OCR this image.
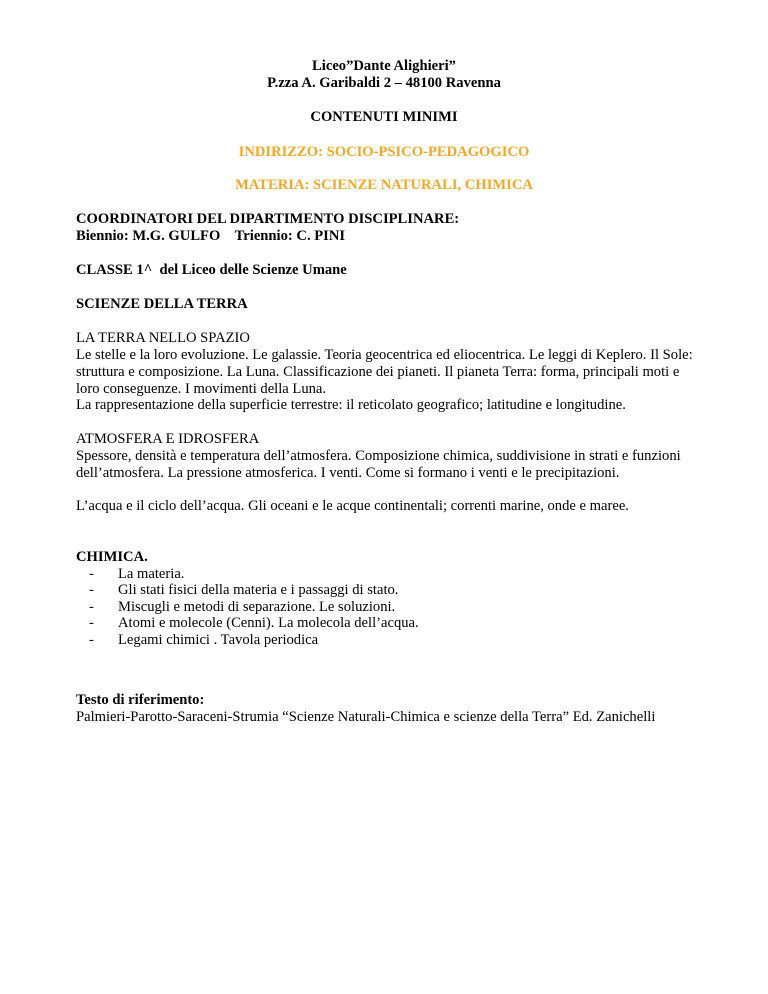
Liceo”Dante Alighieri”
P.zza A. Garibaldi 2 – 48100 Ravenna
CONTENUTI MINIMI
INDIRIZZO: SOCIO-PSICO-PEDAGOGICO
MATERIA: SCIENZE NATURALI, CHIMICA
COORDINATORI DEL DIPARTIMENTO DISCIPLINARE:
Biennio: M.G. GULFO    Triennio: C. PINI
CLASSE 1^  del Liceo delle Scienze Umane
SCIENZE DELLA TERRA
LA TERRA NELLO SPAZIO
Le stelle e la loro evoluzione. Le galassie. Teoria geocentrica ed eliocentrica. Le leggi di Keplero. Il Sole: struttura e composizione. La Luna. Classificazione dei pianeti. Il pianeta Terra: forma, principali moti e loro conseguenze. I movimenti della Luna.
La rappresentazione della superficie terrestre: il reticolato geografico; latitudine e longitudine.
ATMOSFERA E IDROSFERA
Spessore, densità e temperatura dell’atmosfera. Composizione chimica, suddivisione in strati e funzioni dell’atmosfera. La pressione atmosferica. I venti. Come si formano i venti e le precipitazioni.
L’acqua e il ciclo dell’acqua. Gli oceani e le acque continentali; correnti marine, onde e maree.
CHIMICA.
- La materia.
- Gli stati fisici della materia e i passaggi di stato.
- Miscugli e metodi di separazione. Le soluzioni.
- Atomi e molecole (Cenni). La molecola dell’acqua.
- Legami chimici . Tavola periodica
Testo di riferimento:
Palmieri-Parotto-Saraceni-Strumia “Scienze Naturali-Chimica e scienze della Terra” Ed. Zanichelli
